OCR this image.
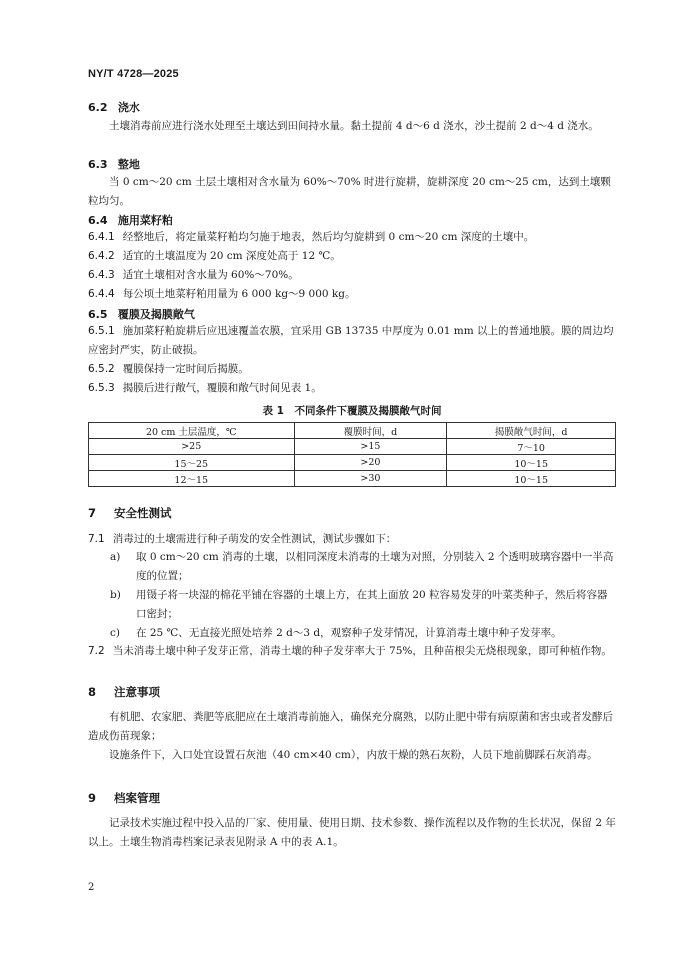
NY/T 4728—2025
6.2 浇水
土壤消毒前应进行浇水处理至土壤达到田间持水量。黏土提前 4 d～6 d 浇水，沙土提前 2 d～4 d 浇水。
6.3 整地
当 0 cm～20 cm 土层土壤相对含水量为 60%～70% 时进行旋耕，旋耕深度 20 cm～25 cm，达到土壤颗粒均匀。
6.4 施用菜籽粕
6.4.1 经整地后，将定量菜籽粕均匀施于地表，然后均匀旋耕到 0 cm～20 cm 深度的土壤中。
6.4.2 适宜的土壤温度为 20 cm 深度处高于 12 ℃。
6.4.3 适宜土壤相对含水量为 60%～70%。
6.4.4 每公顷土地菜籽粕用量为 6 000 kg～9 000 kg。
6.5 覆膜及揭膜敞气
6.5.1 施加菜籽粕旋耕后应迅速覆盖农膜，宜采用 GB 13735 中厚度为 0.01 mm 以上的普通地膜。膜的周边均应密封严实，防止破损。
6.5.2 覆膜保持一定时间后揭膜。
6.5.3 揭膜后进行敞气，覆膜和敞气时间见表 1。
表 1　不同条件下覆膜及揭膜敞气时间
20 cm 土层温度，℃	覆膜时间，d	揭膜敞气时间，d
>25	>15	7～10
15～25	>20	10～15
12～15	>30	10～15
7 安全性测试
7.1 消毒过的土壤需进行种子萌发的安全性测试，测试步骤如下：
a)	取 0 cm～20 cm 消毒的土壤，以相同深度未消毒的土壤为对照，分别装入 2 个透明玻璃容器中一半高度的位置；
b)	用镊子将一块湿的棉花平铺在容器的土壤上方，在其上面放 20 粒容易发芽的叶菜类种子，然后将容器口密封；
c)	在 25 ℃、无直接光照处培养 2 d～3 d，观察种子发芽情况，计算消毒土壤中种子发芽率。
7.2 当未消毒土壤中种子发芽正常，消毒土壤的种子发芽率大于 75%，且种苗根尖无烧根现象，即可种植作物。
8 注意事项
有机肥、农家肥、粪肥等底肥应在土壤消毒前施入，确保充分腐熟，以防止肥中带有病原菌和害虫或者发酵后造成伤苗现象；
设施条件下，入口处宜设置石灰池（40 cm×40 cm），内放干燥的熟石灰粉，人员下地前脚踩石灰消毒。
9 档案管理
记录技术实施过程中投入品的厂家、使用量、使用日期、技术参数、操作流程以及作物的生长状况，保留 2 年以上。土壤生物消毒档案记录表见附录 A 中的表 A.1。
2
